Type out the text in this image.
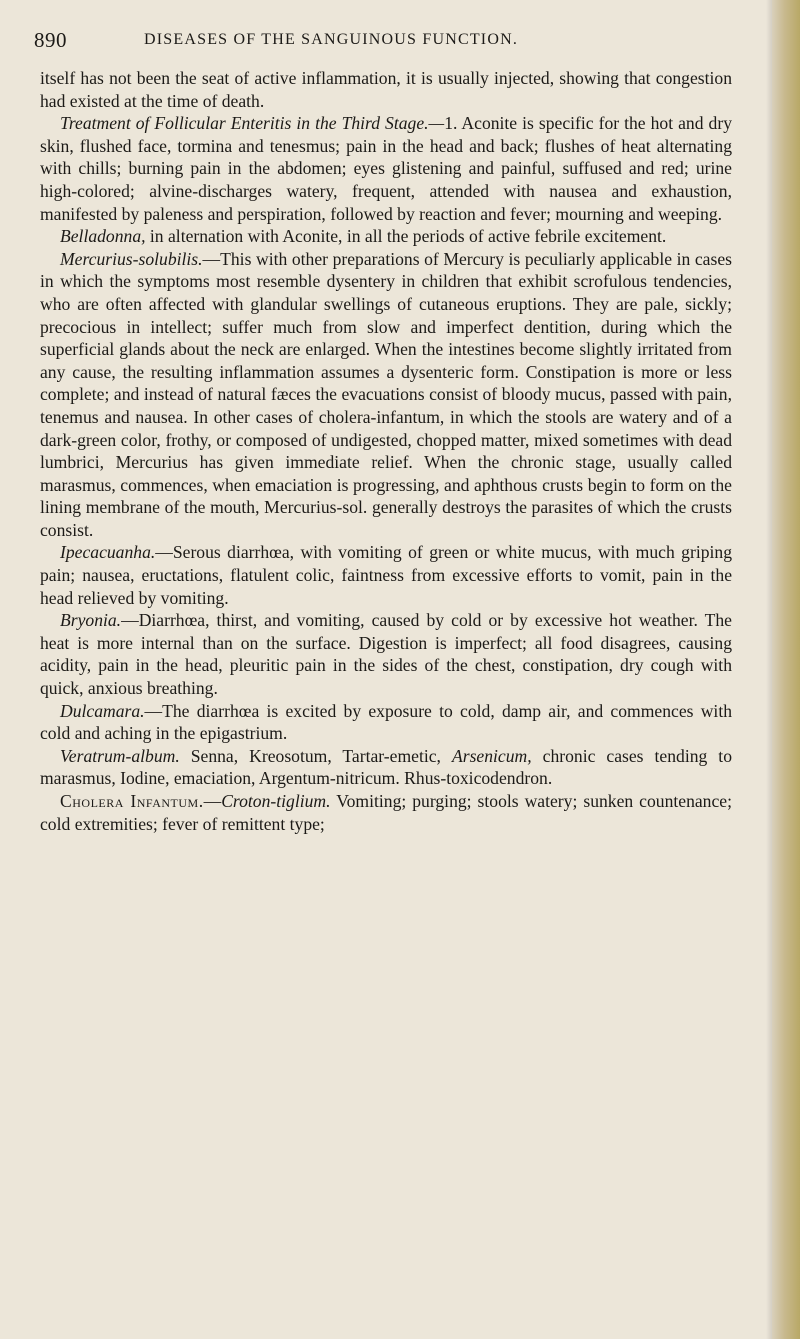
890	DISEASES OF THE SANGUINOUS FUNCTION.

itself has not been the seat of active inflammation, it is usually injected, showing that congestion had existed at the time of death.

Treatment of Follicular Enteritis in the Third Stage.—1. Aconite is specific for the hot and dry skin, flushed face, tormina and tenesmus; pain in the head and back; flushes of heat alternating with chills; burning pain in the abdomen; eyes glistening and painful, suffused and red; urine high-colored; alvine-discharges watery, frequent, attended with nausea and exhaustion, manifested by paleness and perspiration, followed by reaction and fever; mourning and weeping.

Belladonna, in alternation with Aconite, in all the periods of active febrile excitement.

Mercurius-solubilis.—This with other preparations of Mercury is peculiarly applicable in cases in which the symptoms most resemble dysentery in children that exhibit scrofulous tendencies, who are often affected with glandular swellings of cutaneous eruptions. They are pale, sickly; precocious in intellect; suffer much from slow and imperfect dentition, during which the superficial glands about the neck are enlarged. When the intestines become slightly irritated from any cause, the resulting inflammation assumes a dysenteric form. Constipation is more or less complete; and instead of natural fæces the evacuations consist of bloody mucus, passed with pain, tenemus and nausea. In other cases of cholera-infantum, in which the stools are watery and of a dark-green color, frothy, or composed of undigested, chopped matter, mixed sometimes with dead lumbrici, Mercurius has given immediate relief. When the chronic stage, usually called marasmus, commences, when emaciation is progressing, and aphthous crusts begin to form on the lining membrane of the mouth, Mercurius-sol. generally destroys the parasites of which the crusts consist.

Ipecacuanha.—Serous diarrhœa, with vomiting of green or white mucus, with much griping pain; nausea, eructations, flatulent colic, faintness from excessive efforts to vomit, pain in the head relieved by vomiting.

Bryonia.—Diarrhœa, thirst, and vomiting, caused by cold or by excessive hot weather. The heat is more internal than on the surface. Digestion is imperfect; all food disagrees, causing acidity, pain in the head, pleuritic pain in the sides of the chest, constipation, dry cough with quick, anxious breathing.

Dulcamara.—The diarrhœa is excited by exposure to cold, damp air, and commences with cold and aching in the epigastrium.

Veratrum-album. Senna, Kreosotum, Tartar-emetic, Arsenicum, chronic cases tending to marasmus, Iodine, emaciation, Argentum-nitricum. Rhus-toxicodendron.

Cholera Infantum.—Croton-tiglium. Vomiting; purging; stools watery; sunken countenance; cold extremities; fever of remittent type;
